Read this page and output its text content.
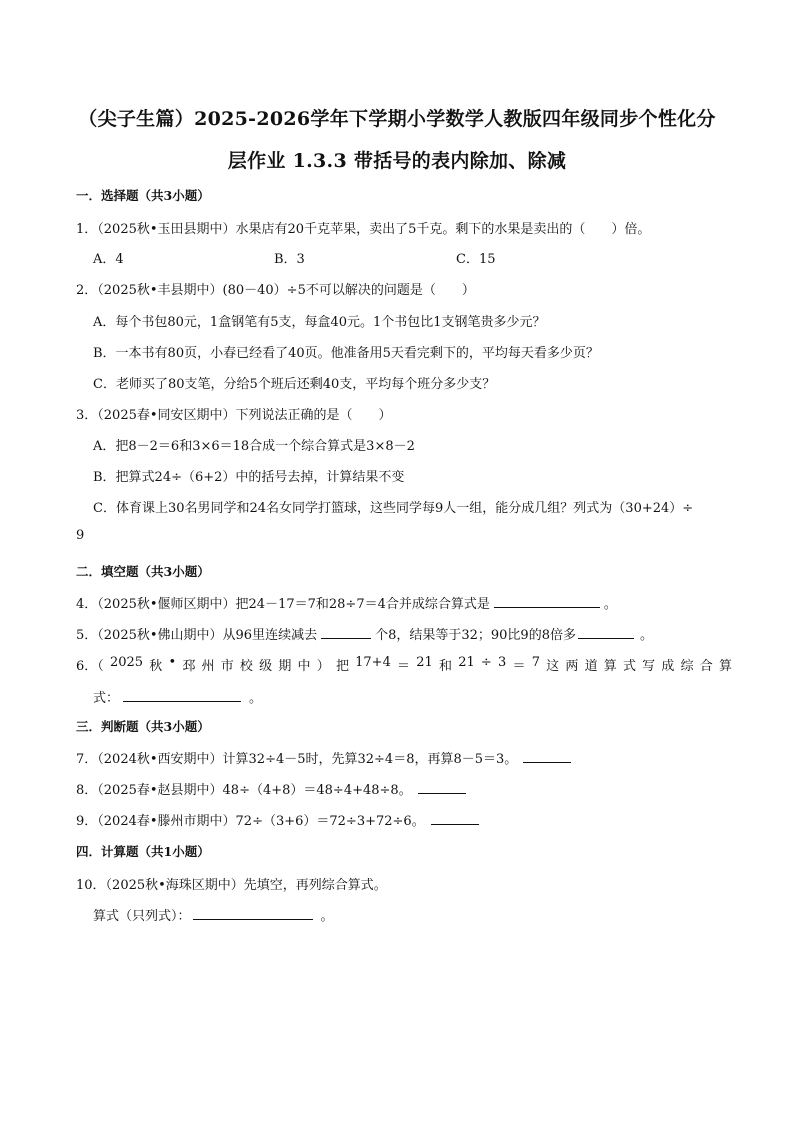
（尖子生篇）2025-2026学年下学期小学数学人教版四年级同步个性化分
层作业 1.3.3 带括号的表内除加、除减
一．选择题（共3小题）
1．（2025秋•玉田县期中）水果店有20千克苹果，卖出了5千克。剩下的水果是卖出的（　　）倍。
A．4	B．3	C．15
2．（2025秋•丰县期中）(80－40）÷5不可以解决的问题是（　　）
A．每个书包80元，1盒钢笔有5支，每盒40元。1个书包比1支钢笔贵多少元？
B．一本书有80页，小春已经看了40页。他准备用5天看完剩下的，平均每天看多少页？
C．老师买了80支笔，分给5个班后还剩40支，平均每个班分多少支？
3．（2025春•同安区期中）下列说法正确的是（　　）
A．把8－2＝6和3×6＝18合成一个综合算式是3×8－2
B．把算式24÷（6+2）中的括号去掉，计算结果不变
C．体育课上30名男同学和24名女同学打篮球，这些同学每9人一组，能分成几组？列式为（30+24）÷
9
二．填空题（共3小题）
4．（2025秋•偃师区期中）把24－17＝7和28÷7＝4合并成综合算式是	。
5．（2025秋•佛山期中）从96里连续减去	个8，结果等于32；90比9的8倍多	。
6．（ 2025 秋 • 邳 州 市 校 级 期 中 ） 把 17+4 ＝ 21 和 21 ÷ 3 ＝ 7 这 两 道 算 式 写 成 综 合 算
式：	。
三．判断题（共3小题）
7．（2024秋•西安期中）计算32÷4－5时，先算32÷4＝8，再算8－5＝3。
8．（2025春•赵县期中）48÷（4+8）＝48÷4+48÷8。
9．（2024春•滕州市期中）72÷（3+6）＝72÷3+72÷6。
四．计算题（共1小题）
10．（2025秋•海珠区期中）先填空，再列综合算式。
算式（只列式）：	。
